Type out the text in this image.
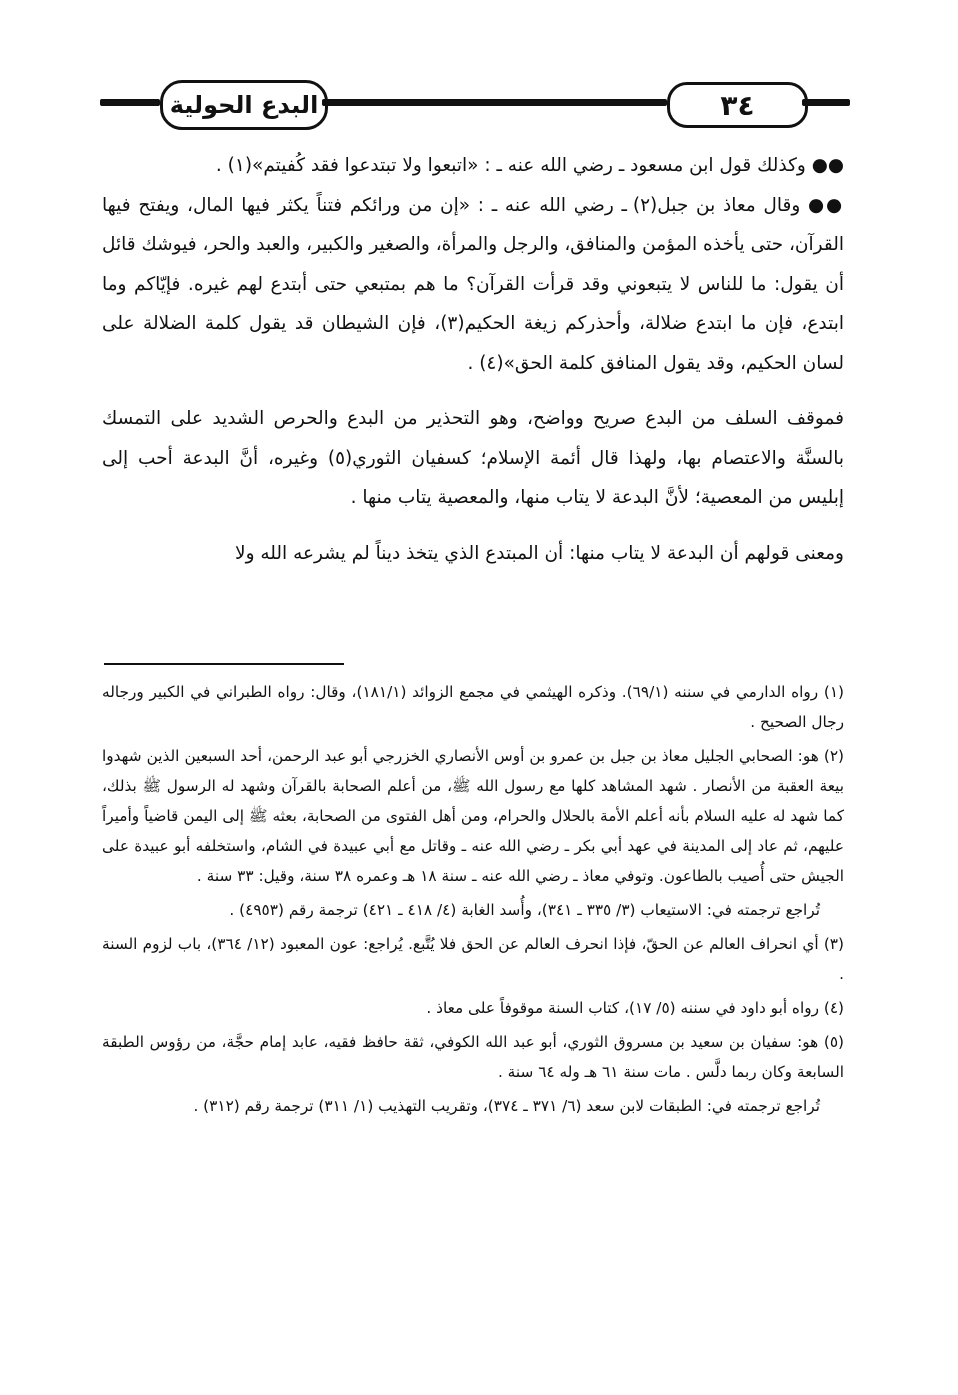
البدع الحولية	٣٤

●● وكذلك قول ابن مسعود ـ رضي الله عنه ـ : «اتبعوا ولا تبتدعوا فقد كُفيتم»(١) .

●● وقال معاذ بن جبل(٢) ـ رضي الله عنه ـ : «إن من ورائكم فتناً يكثر فيها المال، ويفتح فيها القرآن، حتى يأخذه المؤمن والمنافق، والرجل والمرأة، والصغير والكبير، والعبد والحر، فيوشك قائل أن يقول: ما للناس لا يتبعوني وقد قرأت القرآن؟ ما هم بمتبعي حتى أبتدع لهم غيره. فإيّاكم وما ابتدع، فإن ما ابتدع ضلالة، وأحذركم زيغة الحكيم(٣)، فإن الشيطان قد يقول كلمة الضلالة على لسان الحكيم، وقد يقول المنافق كلمة الحق»(٤) .

فموقف السلف من البدع صريح وواضح، وهو التحذير من البدع والحرص الشديد على التمسك بالسنَّة والاعتصام بها، ولهذا قال أئمة الإسلام؛ كسفيان الثوري(٥) وغيره، أنَّ البدعة أحب إلى إبليس من المعصية؛ لأنَّ البدعة لا يتاب منها، والمعصية يتاب منها .

ومعنى قولهم أن البدعة لا يتاب منها: أن المبتدع الذي يتخذ ديناً لم يشرعه الله ولا

(١) رواه الدارمي في سننه (٦٩/١). وذكره الهيثمي في مجمع الزوائد (١٨١/١)، وقال: رواه الطبراني في الكبير ورجاله رجال الصحيح .

(٢) هو: الصحابي الجليل معاذ بن جبل بن عمرو بن أوس الأنصاري الخزرجي أبو عبد الرحمن، أحد السبعين الذين شهدوا بيعة العقبة من الأنصار . شهد المشاهد كلها مع رسول الله ﷺ، من أعلم الصحابة بالقرآن وشهد له الرسول ﷺ بذلك، كما شهد له عليه السلام بأنه أعلم الأمة بالحلال والحرام، ومن أهل الفتوى من الصحابة، بعثه ﷺ إلى اليمن قاضياً وأميراً عليهم، ثم عاد إلى المدينة في عهد أبي بكر ـ رضي الله عنه ـ وقاتل مع أبي عبيدة في الشام، واستخلفه أبو عبيدة على الجيش حتى أُصيب بالطاعون. وتوفي معاذ ـ رضي الله عنه ـ سنة ١٨ هـ وعمره ٣٨ سنة، وقيل: ٣٣ سنة .

تُراجع ترجمته في: الاستيعاب (٣/ ٣٣٥ ـ ٣٤١)، وأُسد الغابة (٤/ ٤١٨ ـ ٤٢١) ترجمة رقم (٤٩٥٣) .

(٣) أي انحراف العالم عن الحقّ، فإذا انحرف العالم عن الحق فلا يُتَّبع. يُراجع: عون المعبود (١٢/ ٣٦٤)، باب لزوم السنة .

(٤) رواه أبو داود في سننه (٥/ ١٧)، كتاب السنة موقوفاً على معاذ .

(٥) هو: سفيان بن سعيد بن مسروق الثوري، أبو عبد الله الكوفي، ثقة حافظ فقيه، عابد إمام حجَّة، من رؤوس الطبقة السابعة وكان ربما دلَّس . مات سنة ٦١ هـ وله ٦٤ سنة .

تُراجع ترجمته في: الطبقات لابن سعد (٦/ ٣٧١ ـ ٣٧٤)، وتقريب التهذيب (١/ ٣١١) ترجمة رقم (٣١٢) .
